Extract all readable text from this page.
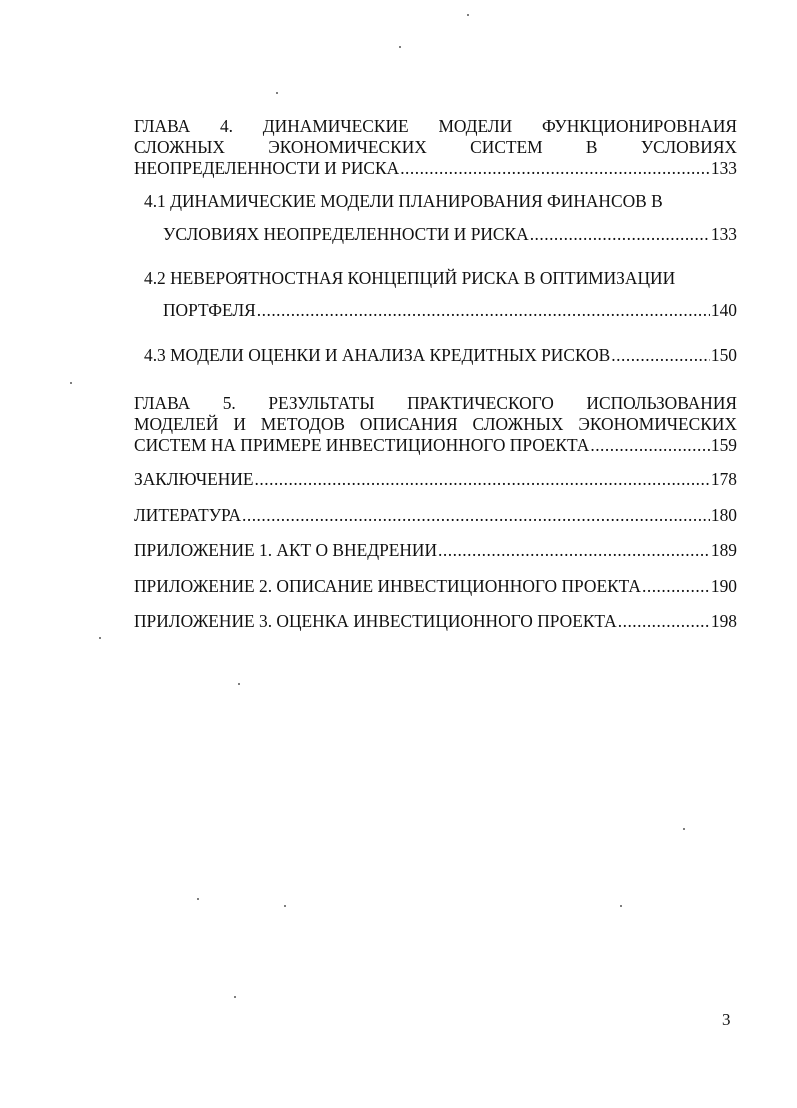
ГЛАВА 4. ДИНАМИЧЕСКИЕ МОДЕЛИ ФУНКЦИОНИРОВНАИЯ
СЛОЖНЫХ ЭКОНОМИЧЕСКИХ СИСТЕМ В УСЛОВИЯХ
НЕОПРЕДЕЛЕННОСТИ И РИСКА .....	133
4.1 ДИНАМИЧЕСКИЕ МОДЕЛИ ПЛАНИРОВАНИЯ ФИНАНСОВ В
УСЛОВИЯХ НЕОПРЕДЕЛЕННОСТИ И РИСКА .....	133
4.2 НЕВЕРОЯТНОСТНАЯ КОНЦЕПЦИЙ РИСКА В ОПТИМИЗАЦИИ
ПОРТФЕЛЯ .....	140
4.3 МОДЕЛИ ОЦЕНКИ И АНАЛИЗА КРЕДИТНЫХ РИСКОВ .....	150
ГЛАВА 5. РЕЗУЛЬТАТЫ ПРАКТИЧЕСКОГО ИСПОЛЬЗОВАНИЯ
МОДЕЛЕЙ И МЕТОДОВ ОПИСАНИЯ СЛОЖНЫХ ЭКОНОМИЧЕСКИХ
СИСТЕМ НА ПРИМЕРЕ ИНВЕСТИЦИОННОГО ПРОЕКТА .....	159
ЗАКЛЮЧЕНИЕ .....	178
ЛИТЕРАТУРА .....	180
ПРИЛОЖЕНИЕ 1. АКТ О ВНЕДРЕНИИ .....	189
ПРИЛОЖЕНИЕ 2. ОПИСАНИЕ ИНВЕСТИЦИОННОГО ПРОЕКТА .....	190
ПРИЛОЖЕНИЕ 3. ОЦЕНКА ИНВЕСТИЦИОННОГО ПРОЕКТА .....	198
3
